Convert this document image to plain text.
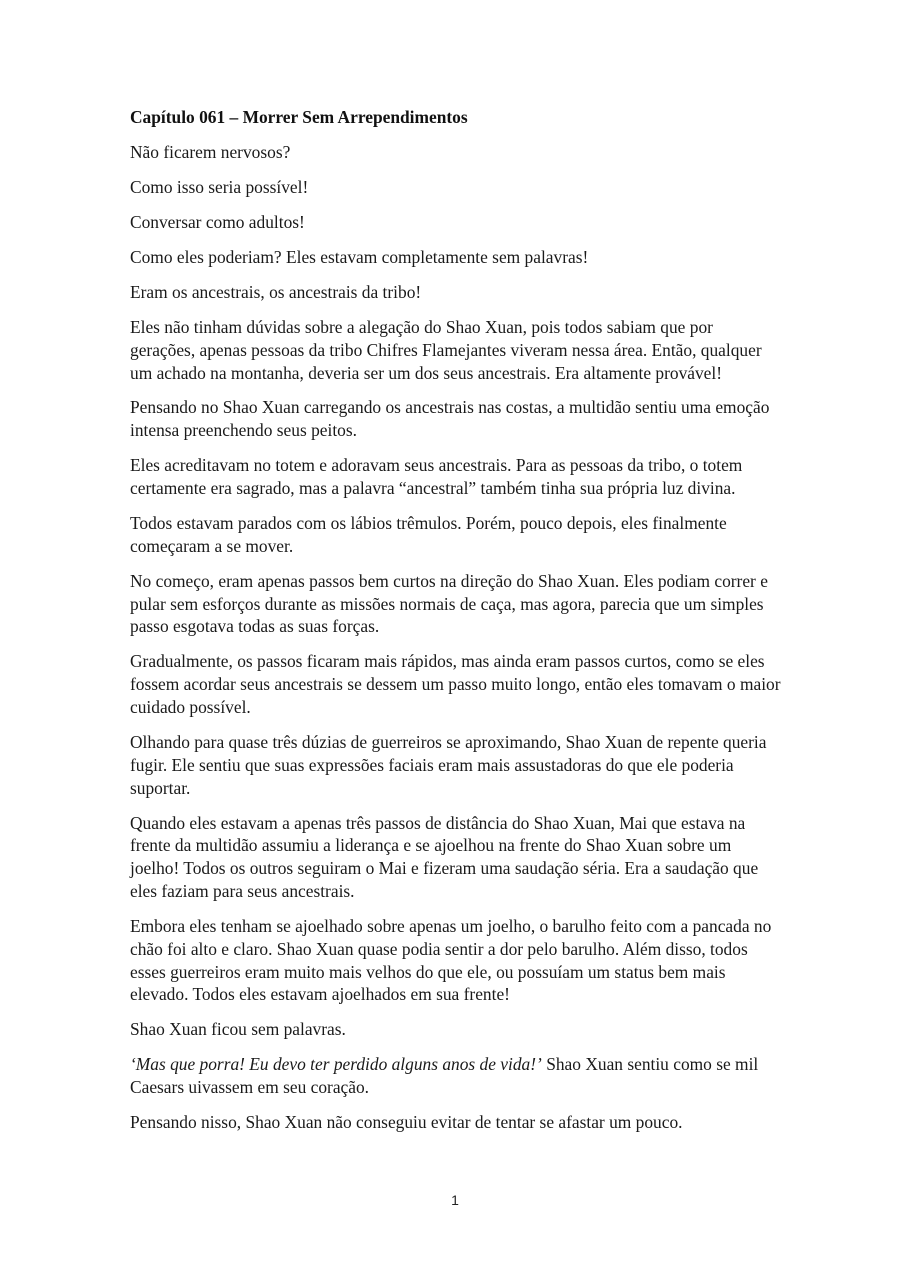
Capítulo 061 – Morrer Sem Arrependimentos

Não ficarem nervosos?

Como isso seria possível!

Conversar como adultos!

Como eles poderiam? Eles estavam completamente sem palavras!

Eram os ancestrais, os ancestrais da tribo!

Eles não tinham dúvidas sobre a alegação do Shao Xuan, pois todos sabiam que por gerações, apenas pessoas da tribo Chifres Flamejantes viveram nessa área. Então, qualquer um achado na montanha, deveria ser um dos seus ancestrais. Era altamente provável!

Pensando no Shao Xuan carregando os ancestrais nas costas, a multidão sentiu uma emoção intensa preenchendo seus peitos.

Eles acreditavam no totem e adoravam seus ancestrais. Para as pessoas da tribo, o totem certamente era sagrado, mas a palavra “ancestral” também tinha sua própria luz divina.

Todos estavam parados com os lábios trêmulos. Porém, pouco depois, eles finalmente começaram a se mover.

No começo, eram apenas passos bem curtos na direção do Shao Xuan. Eles podiam correr e pular sem esforços durante as missões normais de caça, mas agora, parecia que um simples passo esgotava todas as suas forças.

Gradualmente, os passos ficaram mais rápidos, mas ainda eram passos curtos, como se eles fossem acordar seus ancestrais se dessem um passo muito longo, então eles tomavam o maior cuidado possível.

Olhando para quase três dúzias de guerreiros se aproximando, Shao Xuan de repente queria fugir. Ele sentiu que suas expressões faciais eram mais assustadoras do que ele poderia suportar.

Quando eles estavam a apenas três passos de distância do Shao Xuan, Mai que estava na frente da multidão assumiu a liderança e se ajoelhou na frente do Shao Xuan sobre um joelho! Todos os outros seguiram o Mai e fizeram uma saudação séria. Era a saudação que eles faziam para seus ancestrais.

Embora eles tenham se ajoelhado sobre apenas um joelho, o barulho feito com a pancada no chão foi alto e claro. Shao Xuan quase podia sentir a dor pelo barulho. Além disso, todos esses guerreiros eram muito mais velhos do que ele, ou possuíam um status bem mais elevado. Todos eles estavam ajoelhados em sua frente!

Shao Xuan ficou sem palavras.

‘Mas que porra! Eu devo ter perdido alguns anos de vida!’ Shao Xuan sentiu como se mil Caesars uivassem em seu coração.

Pensando nisso, Shao Xuan não conseguiu evitar de tentar se afastar um pouco.

1
